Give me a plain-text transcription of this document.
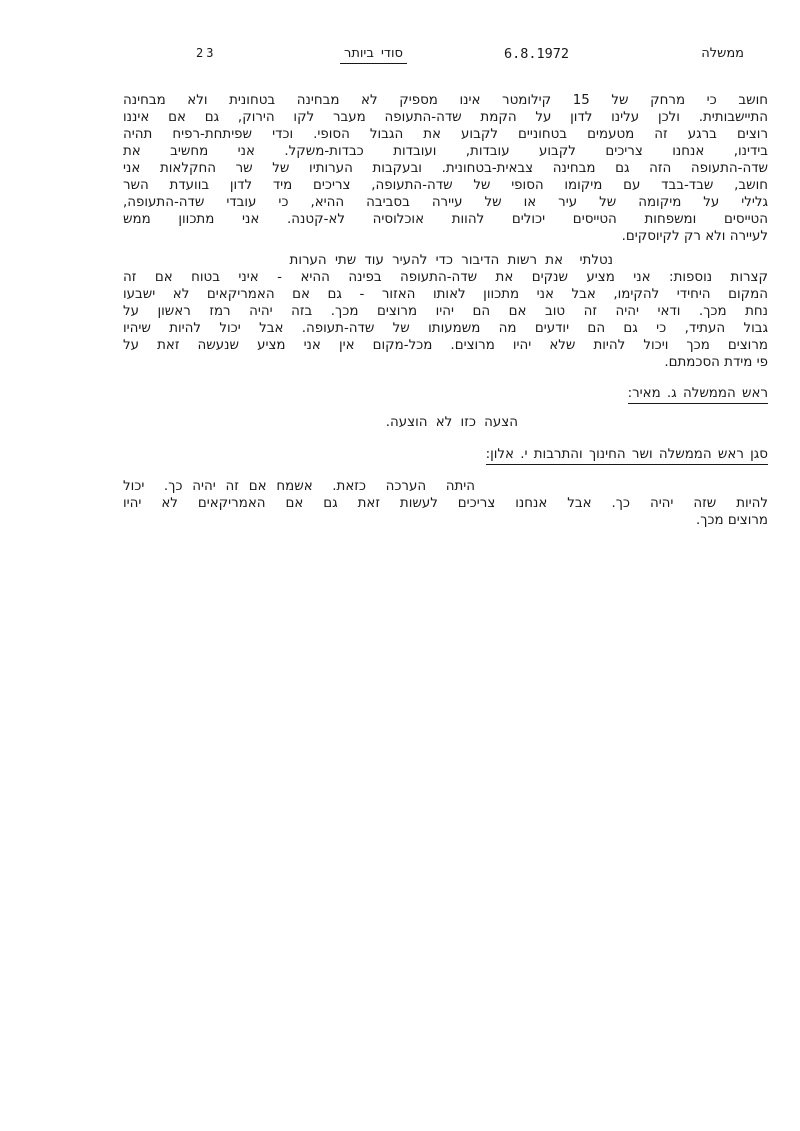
ממשלה
6.8.1972
סודי ביותר
23
חושב כי מרחק של 15 קילומטר אינו מספיק לא מבחינה בטחונית ולא מבחינה
התיישבותית. ולכן עלינו לדון על הקמת שדה-התעופה מעבר לקו הירוק, גם אם איננו
רוצים ברגע זה מטעמים בטחוניים לקבוע את הגבול הסופי. וכדי שפיתחת-רפיח תהיה
בידינו, אנחנו צריכים לקבוע עובדות, ועובדות כבדות-משקל. אני מחשיב את
שדה-התעופה הזה גם מבחינה צבאית-בטחונית. ובעקבות הערותיו של שר החקלאות אני
חושב, שבד-בבד עם מיקומו הסופי של שדה-התעופה, צריכים מיד לדון בוועדת השר
גלילי על מיקומה של עיר או של עיירה בסביבה ההיא, כי עובדי שדה-התעופה,
הטייסים ומשפחות הטייסים יכולים להוות אוכלוסיה לא-קטנה. אני מתכוון ממש
לעיירה ולא רק לקיוסקים.
נטלתי  את רשות הדיבור כדי להעיר עוד שתי הערות
קצרות נוספות: אני מציע שנקים את שדה-התעופה בפינה ההיא - איני בטוח אם זה
המקום היחידי להקימו, אבל אני מתכוון לאותו האזור - גם אם האמריקאים לא ישבעו
נחת מכך. ודאי יהיה זה טוב אם הם יהיו מרוצים מכך. בזה יהיה רמז ראשון על
גבול העתיד, כי גם הם יודעים מה משמעותו של שדה-תעופה. אבל יכול להיות שיהיו
מרוצים מכך ויכול להיות שלא יהיו מרוצים. מכל-מקום אין אני מציע שנעשה זאת על
פי מידת הסכמתם.
ראש הממשלה ג. מאיר:
הצעה כזו לא הוצעה.
סגן ראש הממשלה ושר החינוך והתרבות י. אלון:
היתה  הערכה  כזאת.  אשמח אם זה יהיה כך.  יכול
להיות שזה יהיה כך. אבל אנחנו צריכים לעשות זאת גם אם האמריקאים לא יהיו
מרוצים מכך.
